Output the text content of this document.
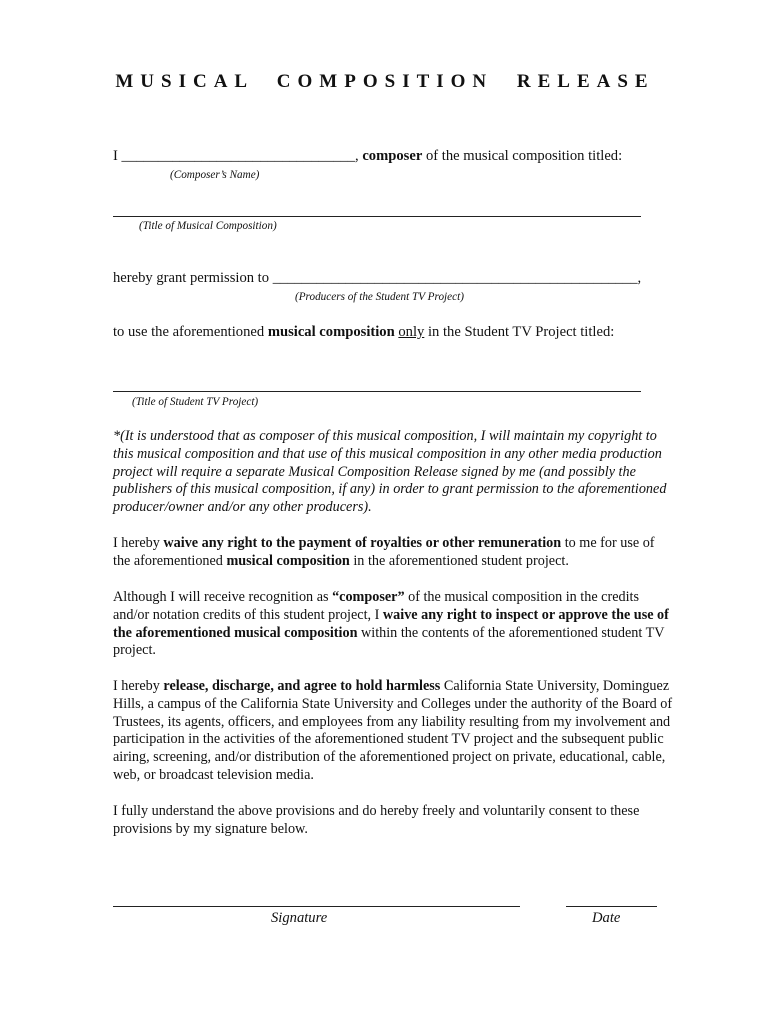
MUSICAL COMPOSITION RELEASE
I ________________________________, composer of the musical composition titled:
(Composer’s Name)
(Title of Musical Composition)
hereby grant permission to __________________________________________________,
(Producers of the Student TV Project)
to use the aforementioned musical composition only in the Student TV Project titled:
(Title of Student TV Project)

*(It is understood that as composer of this musical composition, I will maintain my copyright to this musical composition and that use of this musical composition in any other media production project will require a separate Musical Composition Release signed by me (and possibly the publishers of this musical composition, if any) in order to grant permission to the aforementioned producer/owner and/or any other producers).

I hereby waive any right to the payment of royalties or other remuneration to me for use of the aforementioned musical composition in the aforementioned student project.

Although I will receive recognition as “composer” of the musical composition in the credits and/or notation credits of this student project, I waive any right to inspect or approve the use of the aforementioned musical composition within the contents of the aforementioned student TV project.

I hereby release, discharge, and agree to hold harmless California State University, Dominguez Hills, a campus of the California State University and Colleges under the authority of the Board of Trustees, its agents, officers, and employees from any liability resulting from my involvement and participation in the activities of the aforementioned student TV project and the subsequent public airing, screening, and/or distribution of the aforementioned project on private, educational, cable, web, or broadcast television media.

I fully understand the above provisions and do hereby freely and voluntarily consent to these provisions by my signature below.

Signature	Date
